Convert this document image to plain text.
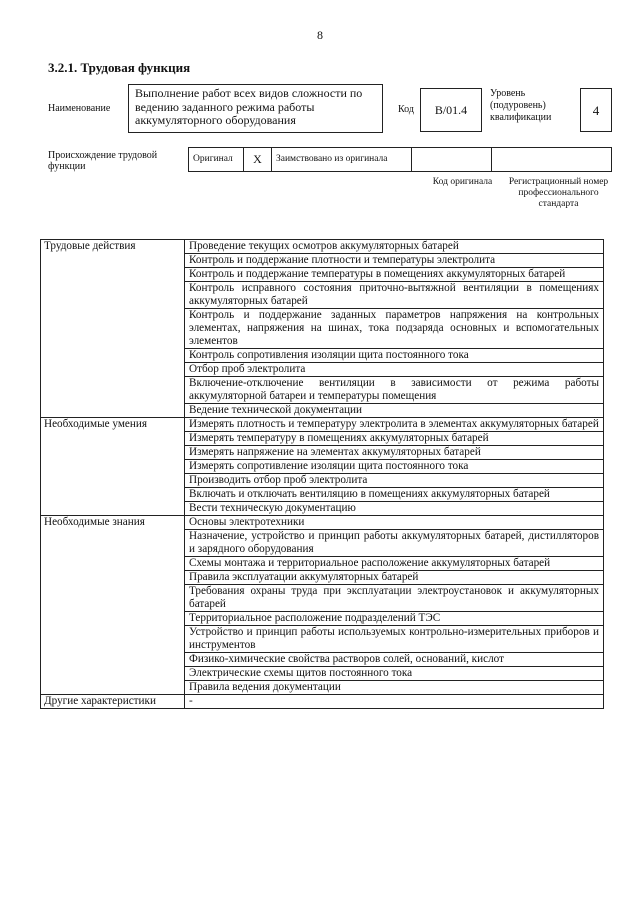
8
3.2.1. Трудовая функция
Наименование
Выполнение работ всех видов сложности по ведению заданного режима работы аккумуляторного оборудования
Код	B/01.4
Уровень (подуровень) квалификации	4
Происхождение трудовой функции
Оригинал	X	Заимствовано из оригинала
Код оригинала	Регистрационный номер профессионального стандарта
Трудовые действия	Проведение текущих осмотров аккумуляторных батарей
	Контроль и поддержание плотности и температуры электролита
	Контроль и поддержание температуры в помещениях аккумуляторных батарей
	Контроль исправного состояния приточно-вытяжной вентиляции в помещениях аккумуляторных батарей
	Контроль и поддержание заданных параметров напряжения на контрольных элементах, напряжения на шинах, тока подзаряда основных и вспомогательных элементов
	Контроль сопротивления изоляции щита постоянного тока
	Отбор проб электролита
	Включение-отключение вентиляции в зависимости от режима работы аккумуляторной батареи и температуры помещения
	Ведение технической документации
Необходимые умения	Измерять плотность и температуру электролита в элементах аккумуляторных батарей
	Измерять температуру в помещениях аккумуляторных батарей
	Измерять напряжение на элементах аккумуляторных батарей
	Измерять сопротивление изоляции щита постоянного тока
	Производить отбор проб электролита
	Включать и отключать вентиляцию в помещениях аккумуляторных батарей
	Вести техническую документацию
Необходимые знания	Основы электротехники
	Назначение, устройство и принцип работы аккумуляторных батарей, дистилляторов и зарядного оборудования
	Схемы монтажа и территориальное расположение аккумуляторных батарей
	Правила эксплуатации аккумуляторных батарей
	Требования охраны труда при эксплуатации электроустановок и аккумуляторных батарей
	Территориальное расположение подразделений ТЭС
	Устройство и принцип работы используемых контрольно-измерительных приборов и инструментов
	Физико-химические свойства растворов солей, оснований, кислот
	Электрические схемы щитов постоянного тока
	Правила ведения документации
Другие характеристики	-
